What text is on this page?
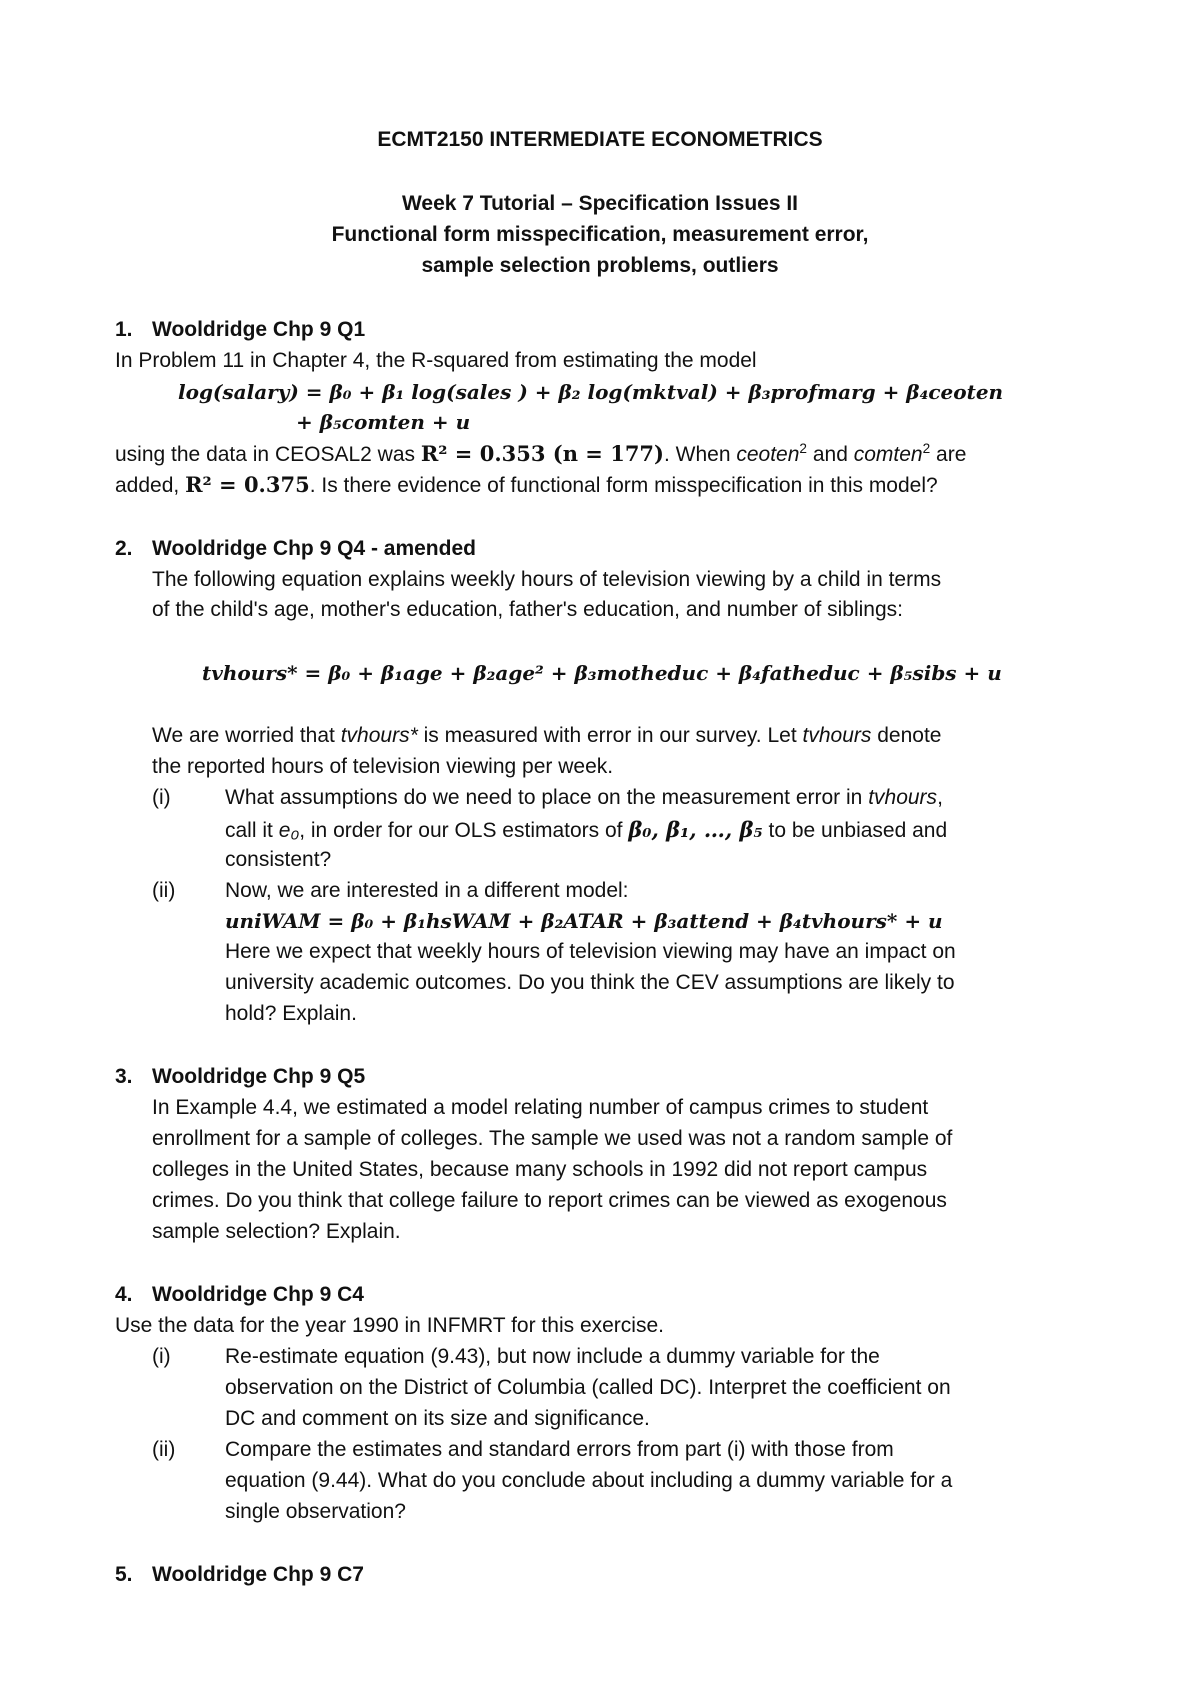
ECMT2150 INTERMEDIATE ECONOMETRICS
Week 7 Tutorial – Specification Issues II
Functional form misspecification, measurement error,
sample selection problems, outliers
1. Wooldridge Chp 9 Q1
In Problem 11 in Chapter 4, the R-squared from estimating the model
log(salary) = β₀ + β₁ log(sales ) + β₂ log(mktval) + β₃profmarg + β₄ceoten
+ β₅comten + u
using the data in CEOSAL2 was R² = 0.353 (n = 177). When ceoten$^2$ and comten$^2$ are
added, R² = 0.375. Is there evidence of functional form misspecification in this model?
2. Wooldridge Chp 9 Q4 - amended
The following equation explains weekly hours of television viewing by a child in terms
of the child's age, mother's education, father's education, and number of siblings:
tvhours* = β₀ + β₁age + β₂age² + β₃motheduc + β₄fatheduc + β₅sibs + u
We are worried that tvhours* is measured with error in our survey. Let tvhours denote
the reported hours of television viewing per week.
(i)	What assumptions do we need to place on the measurement error in tvhours,
call it e₀, in order for our OLS estimators of β₀, β₁, …, β₅ to be unbiased and
consistent?
(ii) Now, we are interested in a different model:
uniWAM = β₀ + β₁hsWAM + β₂ATAR + β₃attend + β₄tvhours* + u
Here we expect that weekly hours of television viewing may have an impact on
university academic outcomes. Do you think the CEV assumptions are likely to
hold? Explain.
3. Wooldridge Chp 9 Q5
In Example 4.4, we estimated a model relating number of campus crimes to student
enrollment for a sample of colleges. The sample we used was not a random sample of
colleges in the United States, because many schools in 1992 did not report campus
crimes. Do you think that college failure to report crimes can be viewed as exogenous
sample selection? Explain.
4. Wooldridge Chp 9 C4
Use the data for the year 1990 in INFMRT for this exercise.
(i)	Re-estimate equation (9.43), but now include a dummy variable for the
observation on the District of Columbia (called DC). Interpret the coefficient on
DC and comment on its size and significance.
(ii) Compare the estimates and standard errors from part (i) with those from
equation (9.44). What do you conclude about including a dummy variable for a
single observation?
5. Wooldridge Chp 9 C7
